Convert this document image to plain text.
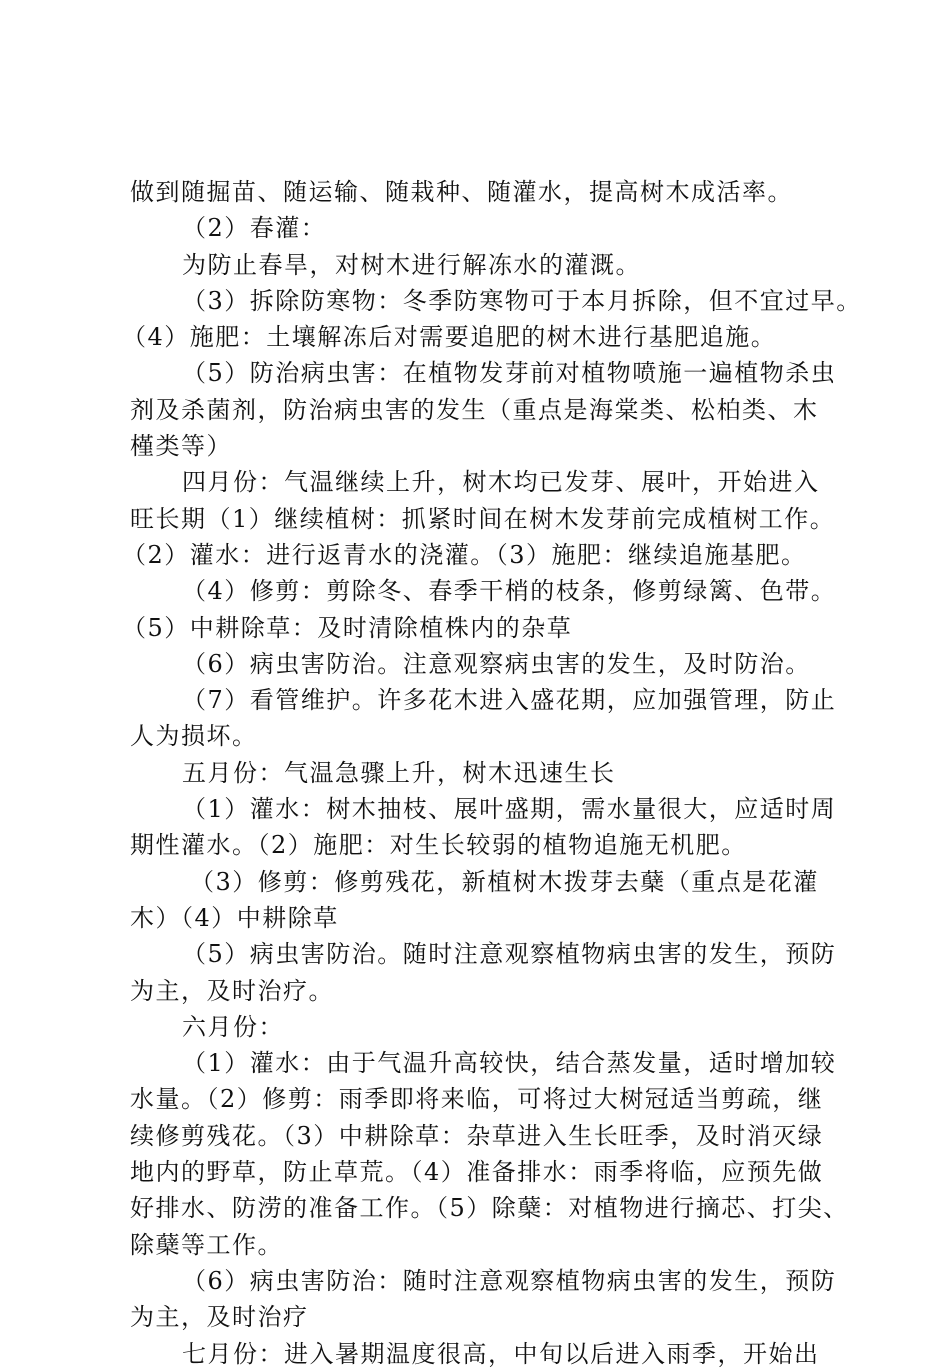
做到随掘苗、随运输、随栽种、随灌水，提高树木成活率。
（2）春灌：
为防止春旱，对树木进行解冻水的灌溉。
（3）拆除防寒物：冬季防寒物可于本月拆除，但不宜过早。
（4）施肥：土壤解冻后对需要追肥的树木进行基肥追施。
（5）防治病虫害：在植物发芽前对植物喷施一遍植物杀虫
剂及杀菌剂，防治病虫害的发生（重点是海棠类、松柏类、木
槿类等）
四月份：气温继续上升，树木均已发芽、展叶，开始进入
旺长期（1）继续植树：抓紧时间在树木发芽前完成植树工作。
（2）灌水：进行返青水的浇灌。（3）施肥：继续追施基肥。
（4）修剪：剪除冬、春季干梢的枝条，修剪绿篱、色带。
（5）中耕除草：及时清除植株内的杂草
（6）病虫害防治。注意观察病虫害的发生，及时防治。
（7）看管维护。许多花木进入盛花期，应加强管理，防止
人为损坏。
五月份：气温急骤上升，树木迅速生长
（1）灌水：树木抽枝、展叶盛期，需水量很大，应适时周
期性灌水。（2）施肥：对生长较弱的植物追施无机肥。
（3）修剪：修剪残花，新植树木拨芽去蘖（重点是花灌
木）（4）中耕除草
（5）病虫害防治。随时注意观察植物病虫害的发生，预防
为主，及时治疗。
六月份：
（1）灌水：由于气温升高较快，结合蒸发量，适时增加较
水量。（2）修剪：雨季即将来临，可将过大树冠适当剪疏，继
续修剪残花。（3）中耕除草：杂草进入生长旺季，及时消灭绿
地内的野草，防止草荒。（4）准备排水：雨季将临，应预先做
好排水、防涝的准备工作。（5）除蘖：对植物进行摘芯、打尖、
除蘖等工作。
（6）病虫害防治：随时注意观察植物病虫害的发生，预防
为主，及时治疗
七月份：进入暑期温度很高，中旬以后进入雨季，开始出
